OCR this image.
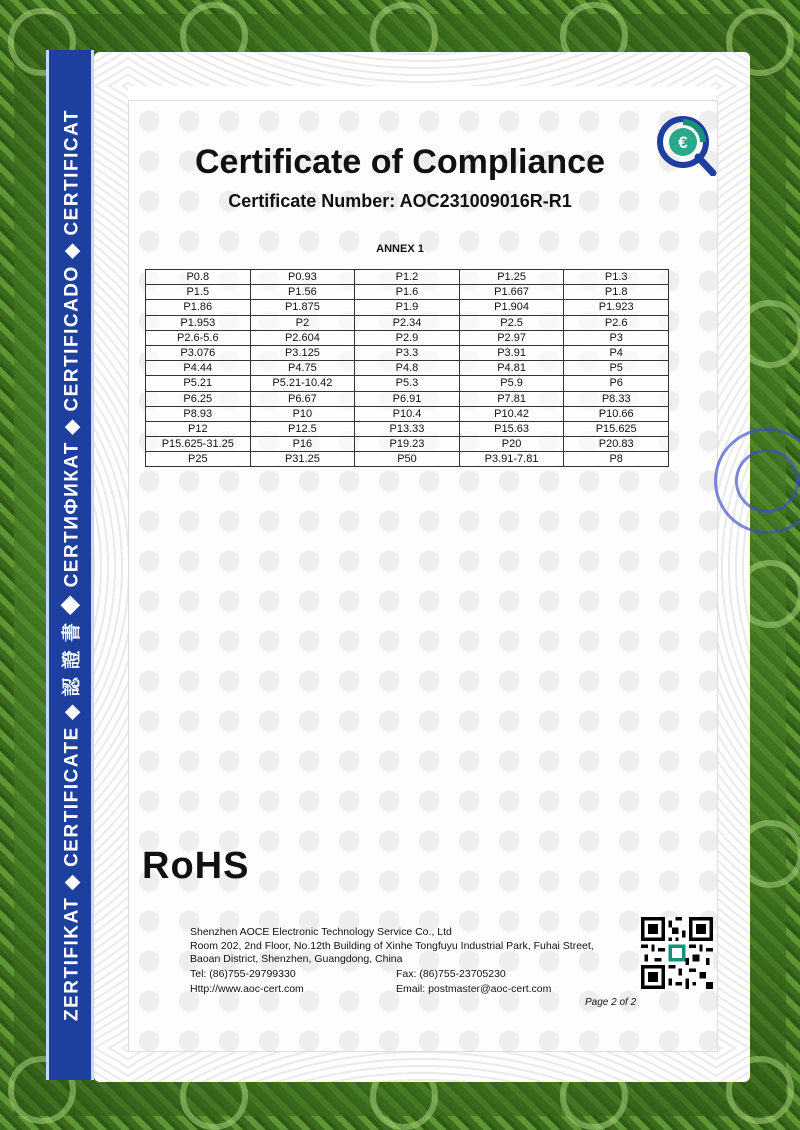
ZERTIFIKAT ◆ CERTIFICATE ◆ 認 證 書 ◆ CERTИФИКАТ ◆ CERTIFICADO ◆ CERTIFICAT	€
Certificate of Compliance
Certificate Number: AOC231009016R-R1
ANNEX 1
P0.8	P0.93	P1.2	P1.25	P1.3
P1.5	P1.56	P1.6	P1.667	P1.8
P1.86	P1.875	P1.9	P1.904	P1.923
P1.953	P2	P2.34	P2.5	P2.6
P2.6-5.6	P2.604	P2.9	P2.97	P3
P3.076	P3.125	P3.3	P3.91	P4
P4.44	P4.75	P4.8	P4.81	P5
P5.21	P5.21-10.42	P5.3	P5.9	P6
P6.25	P6.67	P6.91	P7.81	P8.33
P8.93	P10	P10.4	P10.42	P10.66
P12	P12.5	P13.33	P15.63	P15.625
P15.625-31.25	P16	P19.23	P20	P20.83
P25	P31.25	P50	P3.91-7.81	P8
RoHS
Shenzhen AOCE Electronic Technology Service Co., Ltd
Room 202, 2nd Floor, No.12th Building of Xinhe Tongfuyu Industrial Park, Fuhai Street,
Baoan District, Shenzhen, Guangdong, China
Tel: (86)755-29799330	Fax: (86)755-23705230
Http://www.aoc-cert.com	Email: postmaster@aoc-cert.com
Page 2 of 2
